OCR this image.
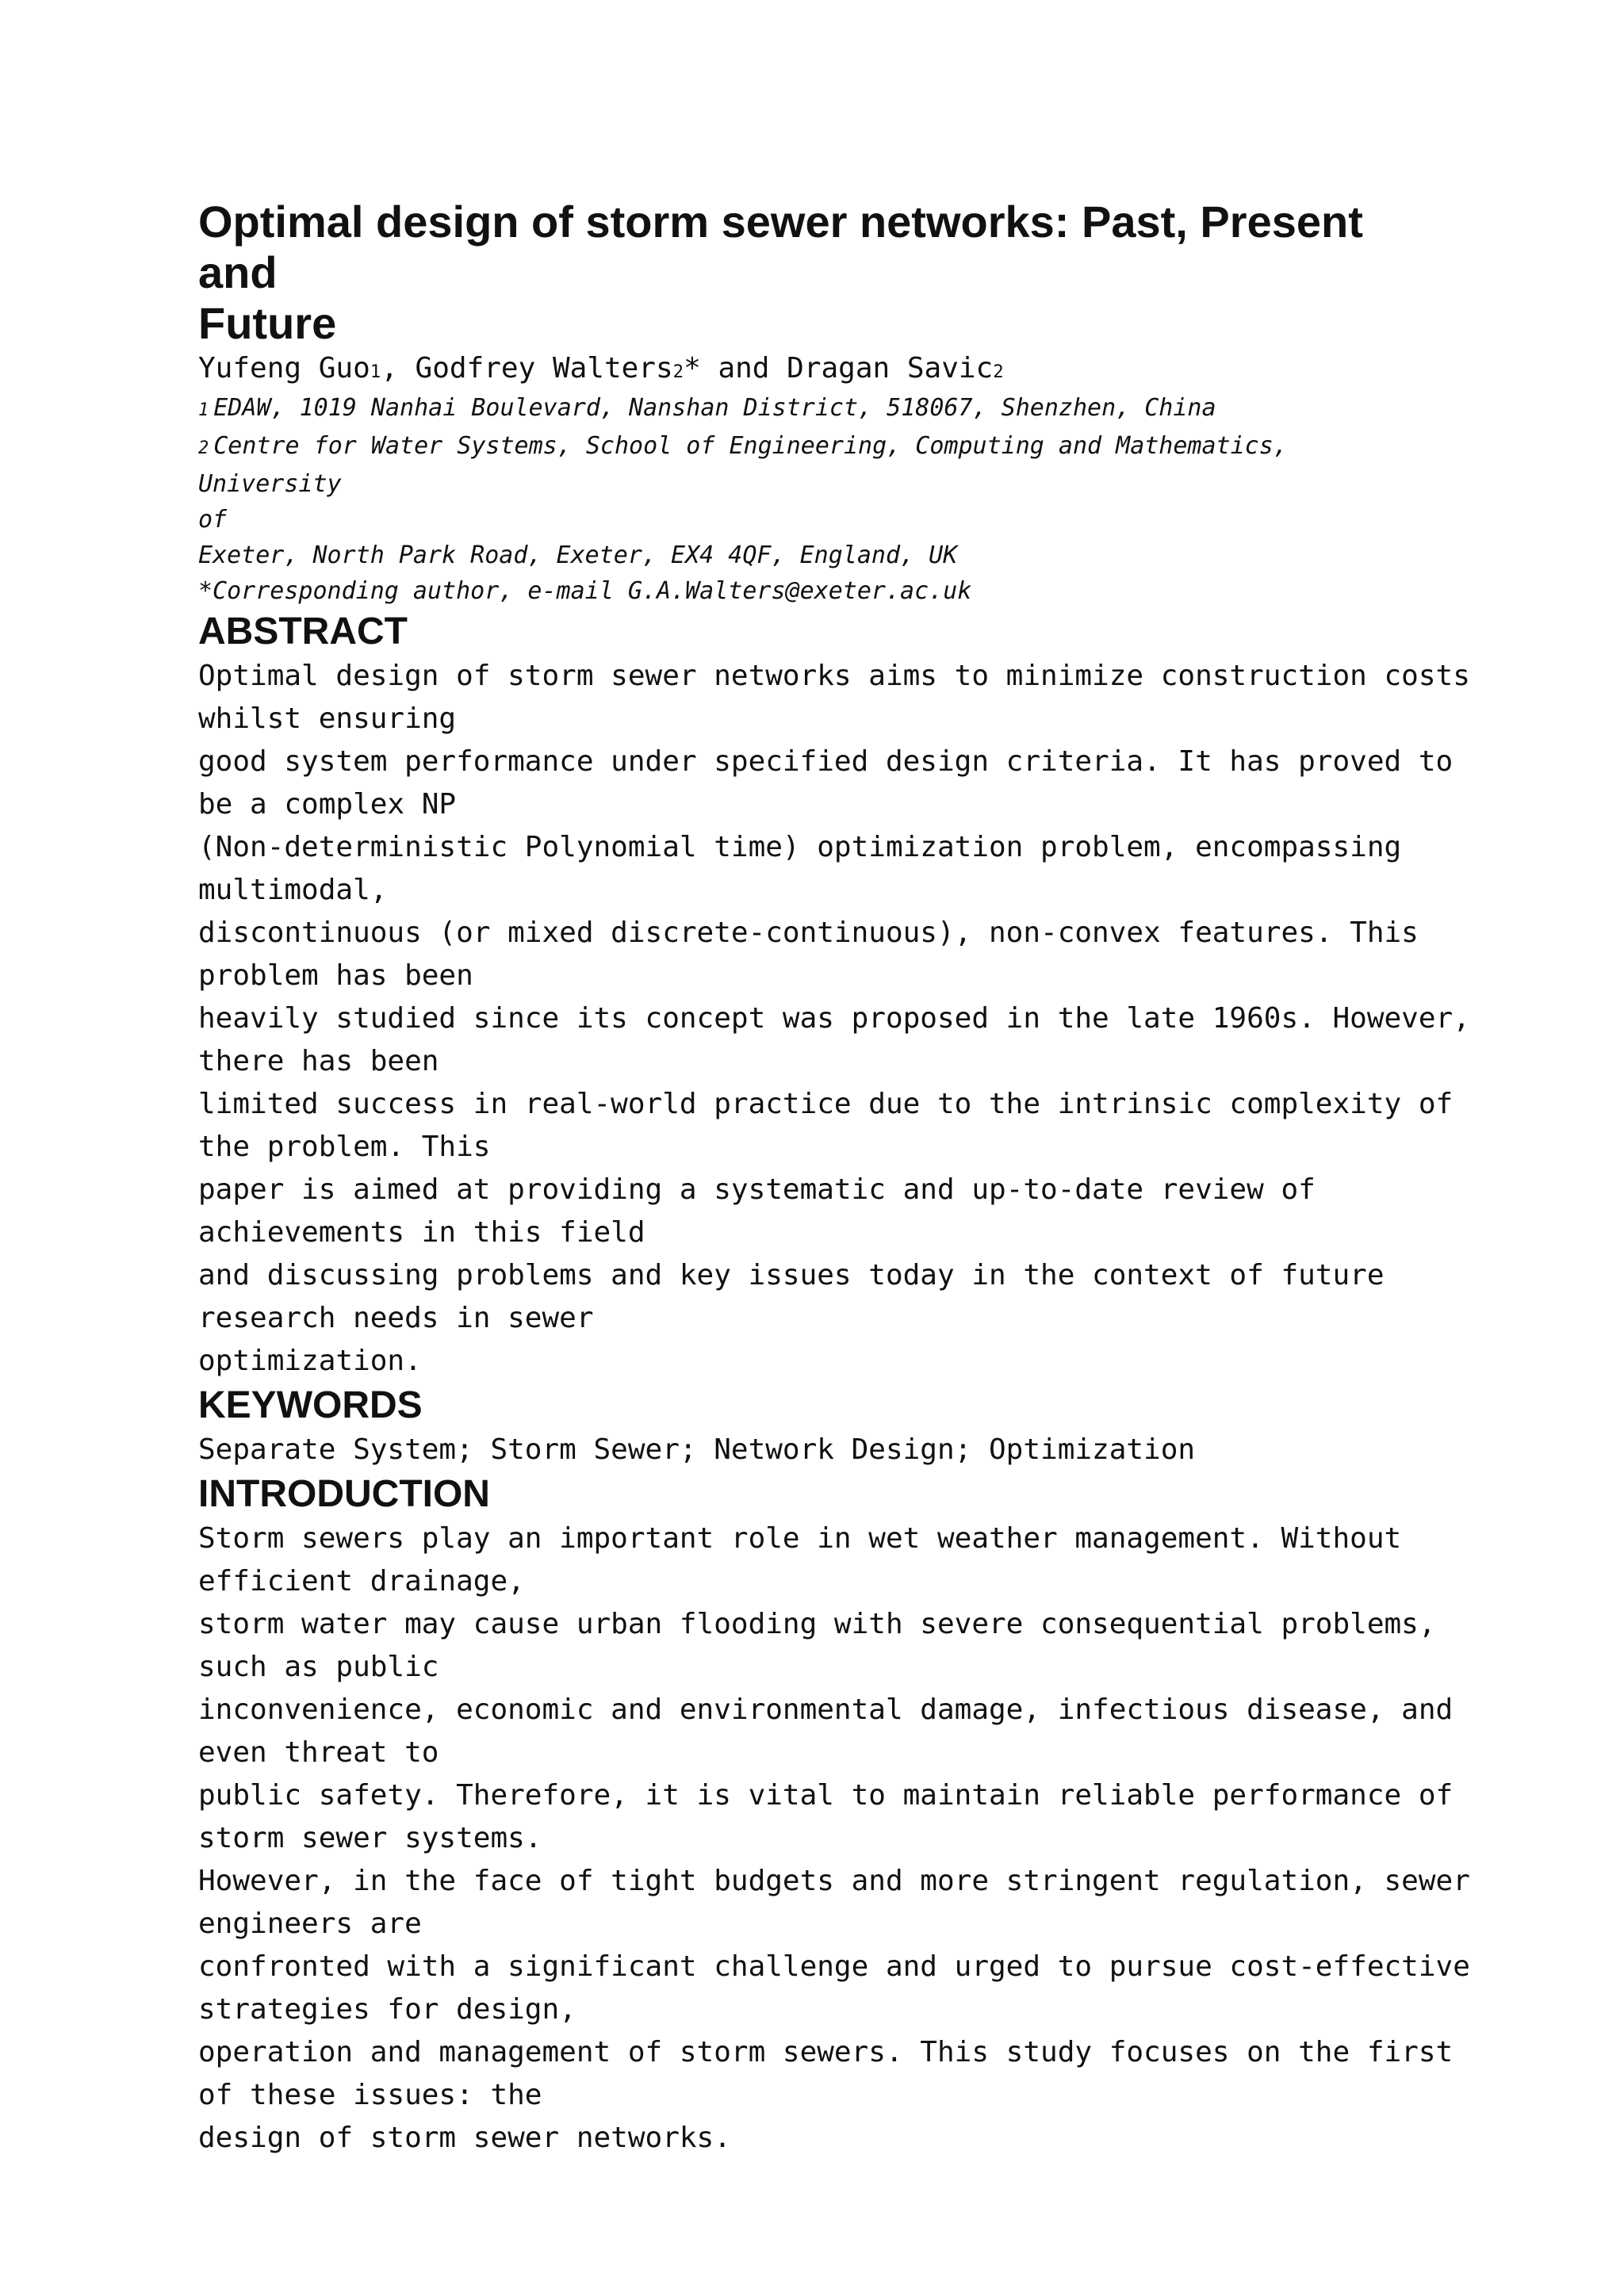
Optimal design of storm sewer networks: Past, Present
and
Future
Yufeng Guo1, Godfrey Walters2* and Dragan Savic2
1 EDAW, 1019 Nanhai Boulevard, Nanshan District, 518067, Shenzhen, China
2 Centre for Water Systems, School of Engineering, Computing and Mathematics, University
of
Exeter, North Park Road, Exeter, EX4 4QF, England, UK
*Corresponding author, e-mail G.A.Walters@exeter.ac.uk
ABSTRACT
Optimal design of storm sewer networks aims to minimize construction costs
whilst ensuring
good system performance under specified design criteria. It has proved to
be a complex NP
(Non-deterministic Polynomial time) optimization problem, encompassing
multimodal,
discontinuous (or mixed discrete-continuous), non-convex features. This
problem has been
heavily studied since its concept was proposed in the late 1960s. However,
there has been
limited success in real-world practice due to the intrinsic complexity of
the problem. This
paper is aimed at providing a systematic and up-to-date review of
achievements in this field
and discussing problems and key issues today in the context of future
research needs in sewer
optimization.
KEYWORDS
Separate System; Storm Sewer; Network Design; Optimization
INTRODUCTION
Storm sewers play an important role in wet weather management. Without
efficient drainage,
storm water may cause urban flooding with severe consequential problems,
such as public
inconvenience, economic and environmental damage, infectious disease, and
even threat to
public safety. Therefore, it is vital to maintain reliable performance of
storm sewer systems.
However, in the face of tight budgets and more stringent regulation, sewer
engineers are
confronted with a significant challenge and urged to pursue cost-effective
strategies for design,
operation and management of storm sewers. This study focuses on the first
of these issues: the
design of storm sewer networks.
